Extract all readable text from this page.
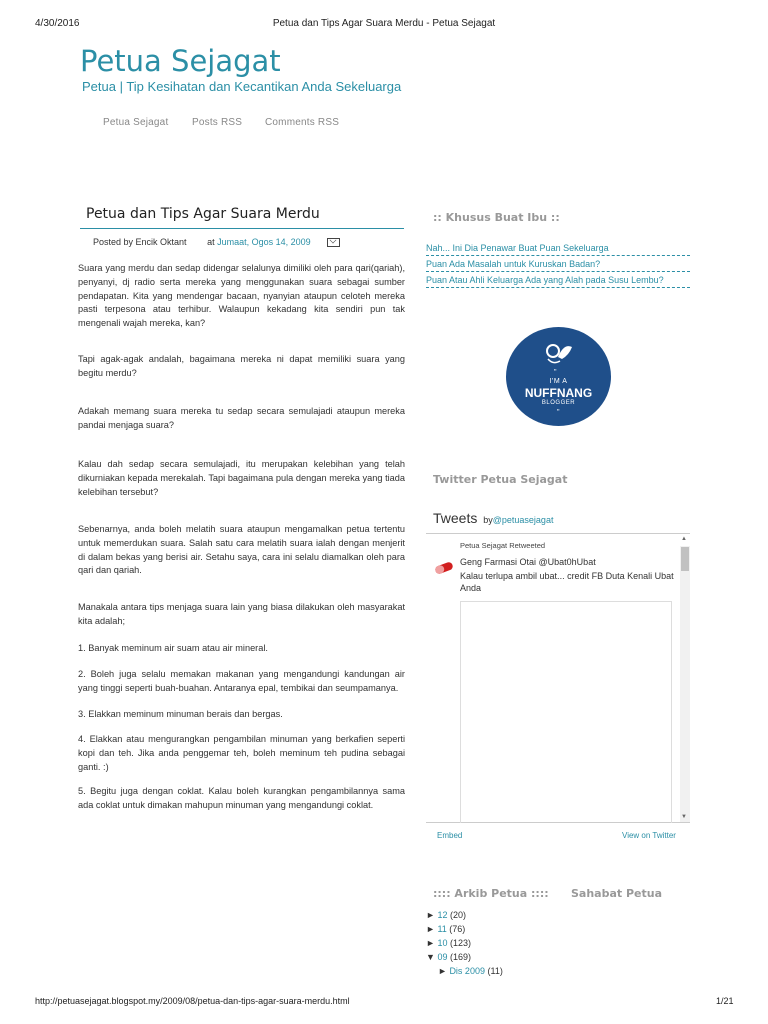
4/30/2016	Petua dan Tips Agar Suara Merdu - Petua Sejagat
Petua Sejagat
Petua | Tip Kesihatan dan Kecantikan Anda Sekeluarga
Petua Sejagat Posts RSS Comments RSS
Petua dan Tips Agar Suara Merdu
Posted by Encik Oktant at Jumaat, Ogos 14, 2009

Suara yang merdu dan sedap didengar selalunya dimiliki oleh para qari(qariah), penyanyi, dj radio serta mereka yang menggunakan suara sebagai sumber pendapatan. Kita yang mendengar bacaan, nyanyian ataupun celoteh mereka pasti terpesona atau terhibur. Walaupun kekadang kita sendiri pun tak mengenali wajah mereka, kan?

Tapi agak-agak andalah, bagaimana mereka ni dapat memiliki suara yang begitu merdu?

Adakah memang suara mereka tu sedap secara semulajadi ataupun mereka pandai menjaga suara?

Kalau dah sedap secara semulajadi, itu merupakan kelebihan yang telah dikurniakan kepada merekalah. Tapi bagaimana pula dengan mereka yang tiada kelebihan tersebut?

Sebenarnya, anda boleh melatih suara ataupun mengamalkan petua tertentu untuk memerdukan suara. Salah satu cara melatih suara ialah dengan menjerit di dalam bekas yang berisi air. Setahu saya, cara ini selalu diamalkan oleh para qari dan qariah.

Manakala antara tips menjaga suara lain yang biasa dilakukan oleh masyarakat kita adalah;

1. Banyak meminum air suam atau air mineral.

2. Boleh juga selalu memakan makanan yang mengandungi kandungan air yang tinggi seperti buah-buahan. Antaranya epal, tembikai dan seumpamanya.

3. Elakkan meminum minuman berais dan bergas.

4. Elakkan atau mengurangkan pengambilan minuman yang berkafien seperti kopi dan teh. Jika anda penggemar teh, boleh meminum teh pudina sebagai ganti. :)

5. Begitu juga dengan coklat. Kalau boleh kurangkan pengambilannya sama ada coklat untuk dimakan mahupun minuman yang mengandungi coklat.

:: Khusus Buat Ibu ::
Nah... Ini Dia Penawar Buat Puan Sekeluarga
Puan Ada Masalah untuk Kuruskan Badan?
Puan Atau Ahli Keluarga Ada yang Alah pada Susu Lembu?
"
I'M A
NUFFNANG
BLOGGER
"
Twitter Petua Sejagat
Tweets by@petuasejagat
Petua Sejagat Retweeted
Geng Farmasi Otai @Ubat0hUbat
Kalau terlupa ambil ubat... credit FB Duta Kenali Ubat Anda
▲
▼
Embed	View on Twitter
:::: Arkib Petua :::: Sahabat Petua
► 12 (20)
► 11 (76)
► 10 (123)
▼ 09 (169)
► Dis 2009 (11)
http://petuasejagat.blogspot.my/2009/08/petua-dan-tips-agar-suara-merdu.html	1/21
